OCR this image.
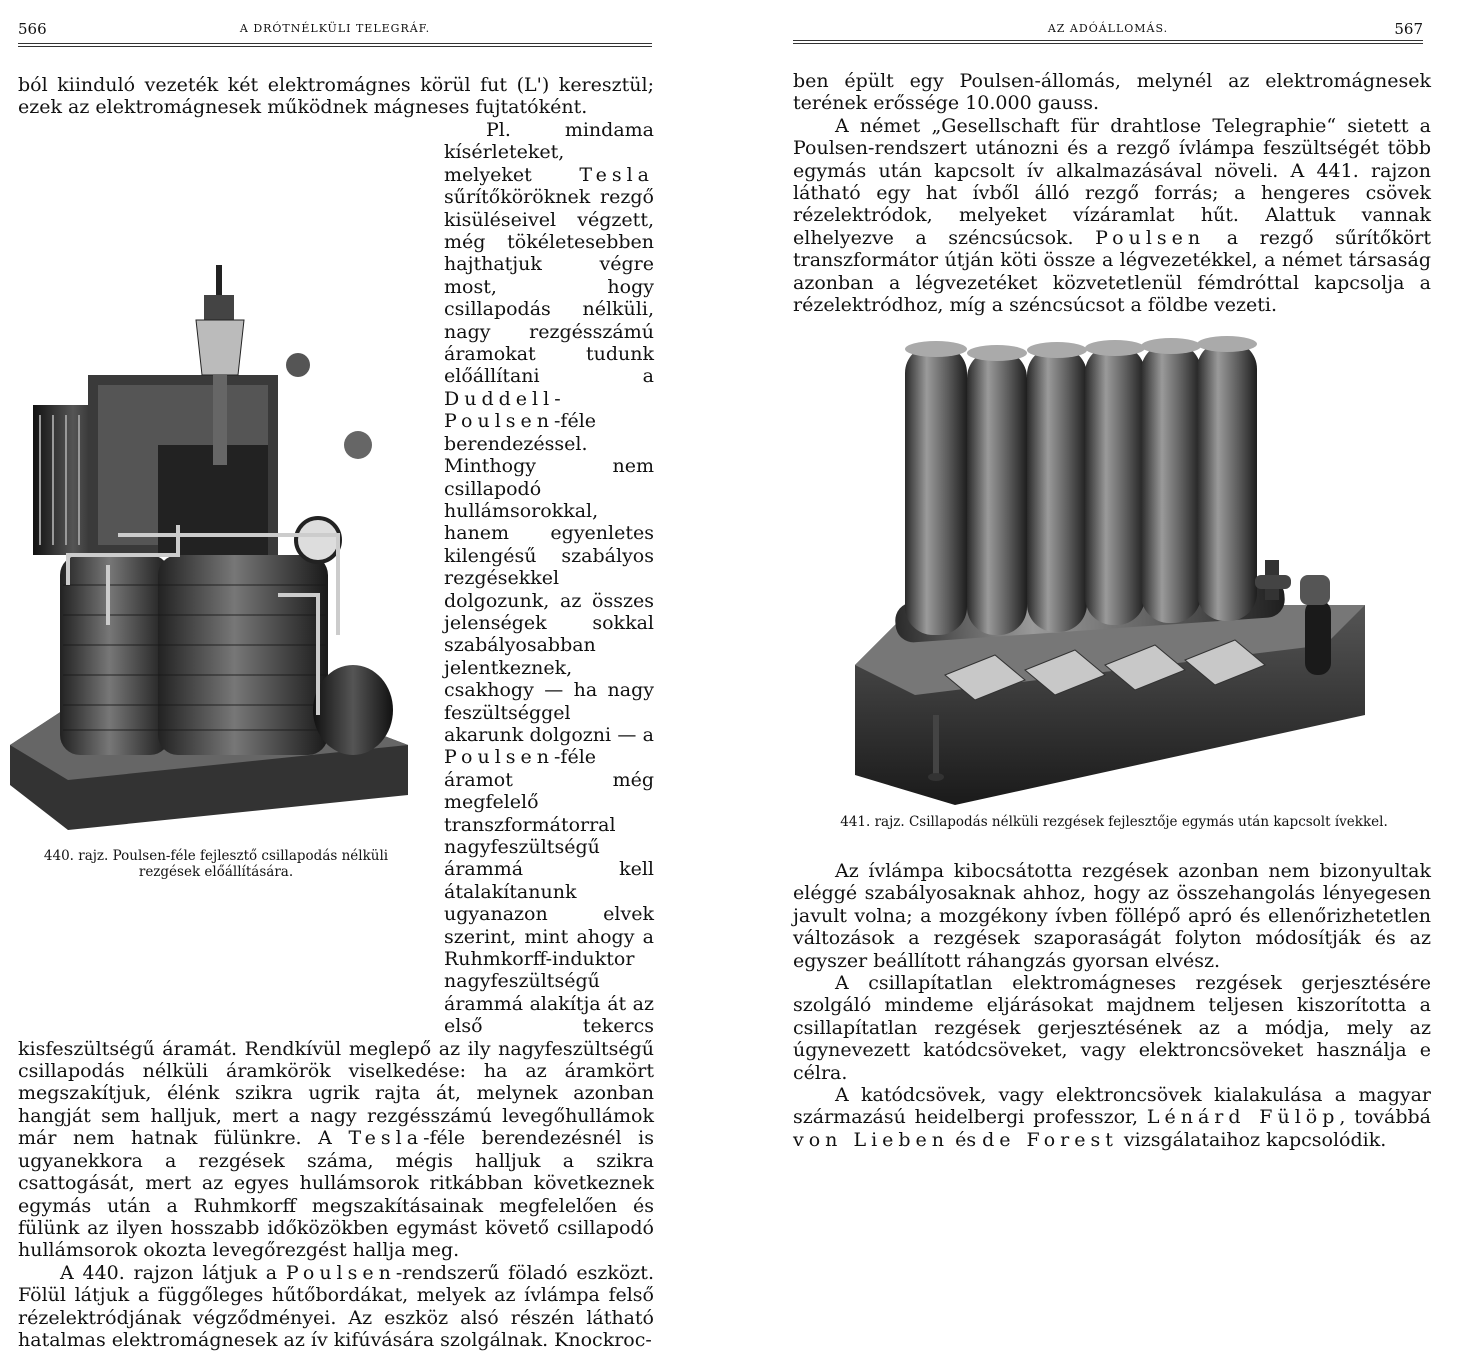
566	A DRÓTNÉLKÜLI TELEGRÁF.

ból kiinduló vezeték két elektromágnes körül fut (L') keresztül;

ezek az elektromágnesek működnek mágneses fujtatóként.

440. rajz. Poulsen-féle fejlesztő csillapodás nélküli
rezgések előállítására.

Pl. mindama kísérleteket, melyeket Tesla sűrítőköröknek rezgő kisüléseivel végzett, még tökéletesebben hajthatjuk végre most, hogy csillapodás nélküli, nagy rezgésszámú áramokat tudunk előállítani a Duddell-Poulsen-féle berendezéssel. Minthogy nem csillapodó hullámsorokkal, hanem egyenletes kilengésű szabályos rezgésekkel dolgozunk, az összes jelenségek sokkal szabályosabban jelentkeznek, csakhogy — ha nagy feszültséggel akarunk dolgozni — a Poulsen-féle áramot még megfelelő transzformátorral nagyfeszültségű árammá kell átalakítanunk ugyanazon elvek szerint, mint ahogy a Ruhmkorff-induktor nagyfeszültségű árammá alakítja át az első tekercs kisfeszültségű áramát. Rendkívül meglepő az ily nagyfeszültségű csillapodás nélküli áramkörök viselkedése: ha az áramkört megszakítjuk, élénk szikra ugrik rajta át, melynek azonban hangját sem halljuk, mert a nagy rezgésszámú levegőhullámok már nem hatnak fülünkre. A Tesla-féle berendezésnél is ugyanekkora a rezgések száma, mégis halljuk a szikra csattogását, mert az egyes hullámsorok ritkábban következnek egymás után a Ruhmkorff megszakításainak megfelelően és fülünk az ilyen hosszabb időközökben egymást követő csillapodó hullámsorok okozta levegőrezgést hallja meg.

A 440. rajzon látjuk a Poulsen-rendszerű föladó eszközt. Fölül látjuk a függőleges hűtőbordákat, melyek az ívlámpa felső rézelektródjának végződményei. Az eszköz alsó részén látható hatalmas elektromágnesek az ív kifúvására szolgálnak. Knockroc-

AZ ADÓÁLLOMÁS.	567

ben épült egy Poulsen-állomás, melynél az elektromágnesek terének erőssége 10.000 gauss.

A német „Gesellschaft für drahtlose Telegraphie“ sietett a Poulsen-rendszert utánozni és a rezgő ívlámpa feszültségét több egymás után kapcsolt ív alkalmazásával növeli. A 441. rajzon látható egy hat ívből álló rezgő forrás; a hengeres csövek rézelektródok, melyeket vízáramlat hűt. Alattuk vannak elhelyezve a széncsúcsok. Poulsen a rezgő sűrítőkört transzformátor útján köti össze a légvezetékkel, a német társaság azonban a légvezetéket közvetetlenül fémdróttal kapcsolja a rézelektródhoz, míg a széncsúcsot a földbe vezeti.

441. rajz. Csillapodás nélküli rezgések fejlesztője egymás után kapcsolt ívekkel.

Az ívlámpa kibocsátotta rezgések azonban nem bizonyultak eléggé szabályosaknak ahhoz, hogy az összehangolás lényegesen javult volna; a mozgékony ívben föllépő apró és ellenőrizhetetlen változások a rezgések szaporaságát folyton módosítják és az egyszer beállított ráhangzás gyorsan elvész.

A csillapítatlan elektromágneses rezgések gerjesztésére szolgáló mindeme eljárásokat majdnem teljesen kiszorította a csillapítatlan rezgések gerjesztésének az a módja, mely az úgynevezett katódcsöveket, vagy elektroncsöveket használja e célra.

A katódcsövek, vagy elektroncsövek kialakulása a magyar származású heidelbergi professzor, Lénárd Fülöp, továbbá von Lieben és de Forest vizsgálataihoz kapcsolódik.
